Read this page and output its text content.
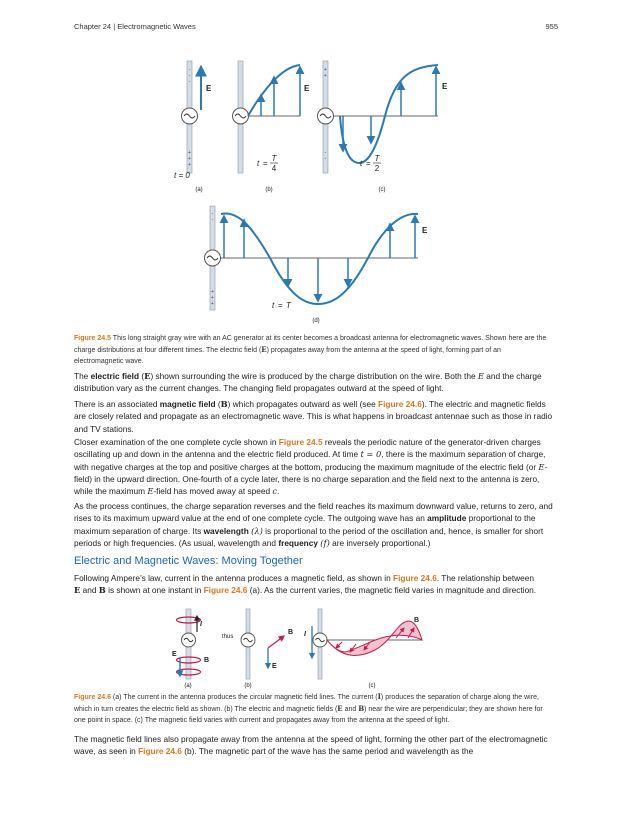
Chapter 24 | Electromagnetic Waves	955
-
-
-
+
+
+
E
t = 0
(a)
E
t =
T
4
(b)
+
+
-
-
E
t =
T
2
(c)
-
-
+
+
+
E
t = T
(d)
Figure 24.5 This long straight gray wire with an AC generator at its center becomes a broadcast antenna for electromagnetic waves. Shown here are the charge distributions at four different times. The electric field (E) propagates away from the antenna at the speed of light, forming part of an electromagnetic wave.
The electric field (E) shown surrounding the wire is produced by the charge distribution on the wire. Both the E and the charge distribution vary as the current changes. The changing field propagates outward at the speed of light.
There is an associated magnetic field (B) which propagates outward as well (see Figure 24.6). The electric and magnetic fields are closely related and propagate as an electromagnetic wave. This is what happens in broadcast antennae such as those in radio and TV stations.
Closer examination of the one complete cycle shown in Figure 24.5 reveals the periodic nature of the generator-driven charges oscillating up and down in the antenna and the electric field produced. At time t = 0, there is the maximum separation of charge, with negative charges at the top and positive charges at the bottom, producing the maximum magnitude of the electric field (or E-field) in the upward direction. One-fourth of a cycle later, there is no charge separation and the field next to the antenna is zero, while the maximum E-field has moved away at speed c.
As the process continues, the charge separation reverses and the field reaches its maximum downward value, returns to zero, and rises to its maximum upward value at the end of one complete cycle. The outgoing wave has an amplitude proportional to the maximum separation of charge. Its wavelength (λ) is proportional to the period of the oscillation and, hence, is smaller for short periods or high frequencies. (As usual, wavelength and frequency (f) are inversely proportional.)
Electric and Magnetic Waves: Moving Together
Following Ampere’s law, current in the antenna produces a magnetic field, as shown in Figure 24.6. The relationship between
E and B is shown at one instant in Figure 24.6 (a). As the current varies, the magnetic field varies in magnitude and direction.
I
B
E
(a)
thus
B
E
(b)
I
B
(c)
Figure 24.6 (a) The current in the antenna produces the circular magnetic field lines. The current (I) produces the separation of charge along the wire, which in turn creates the electric field as shown. (b) The electric and magnetic fields (E and B) near the wire are perpendicular; they are shown here for one point in space. (c) The magnetic field varies with current and propagates away from the antenna at the speed of light.
The magnetic field lines also propagate away from the antenna at the speed of light, forming the other part of the electromagnetic wave, as seen in Figure 24.6 (b). The magnetic part of the wave has the same period and wavelength as the
